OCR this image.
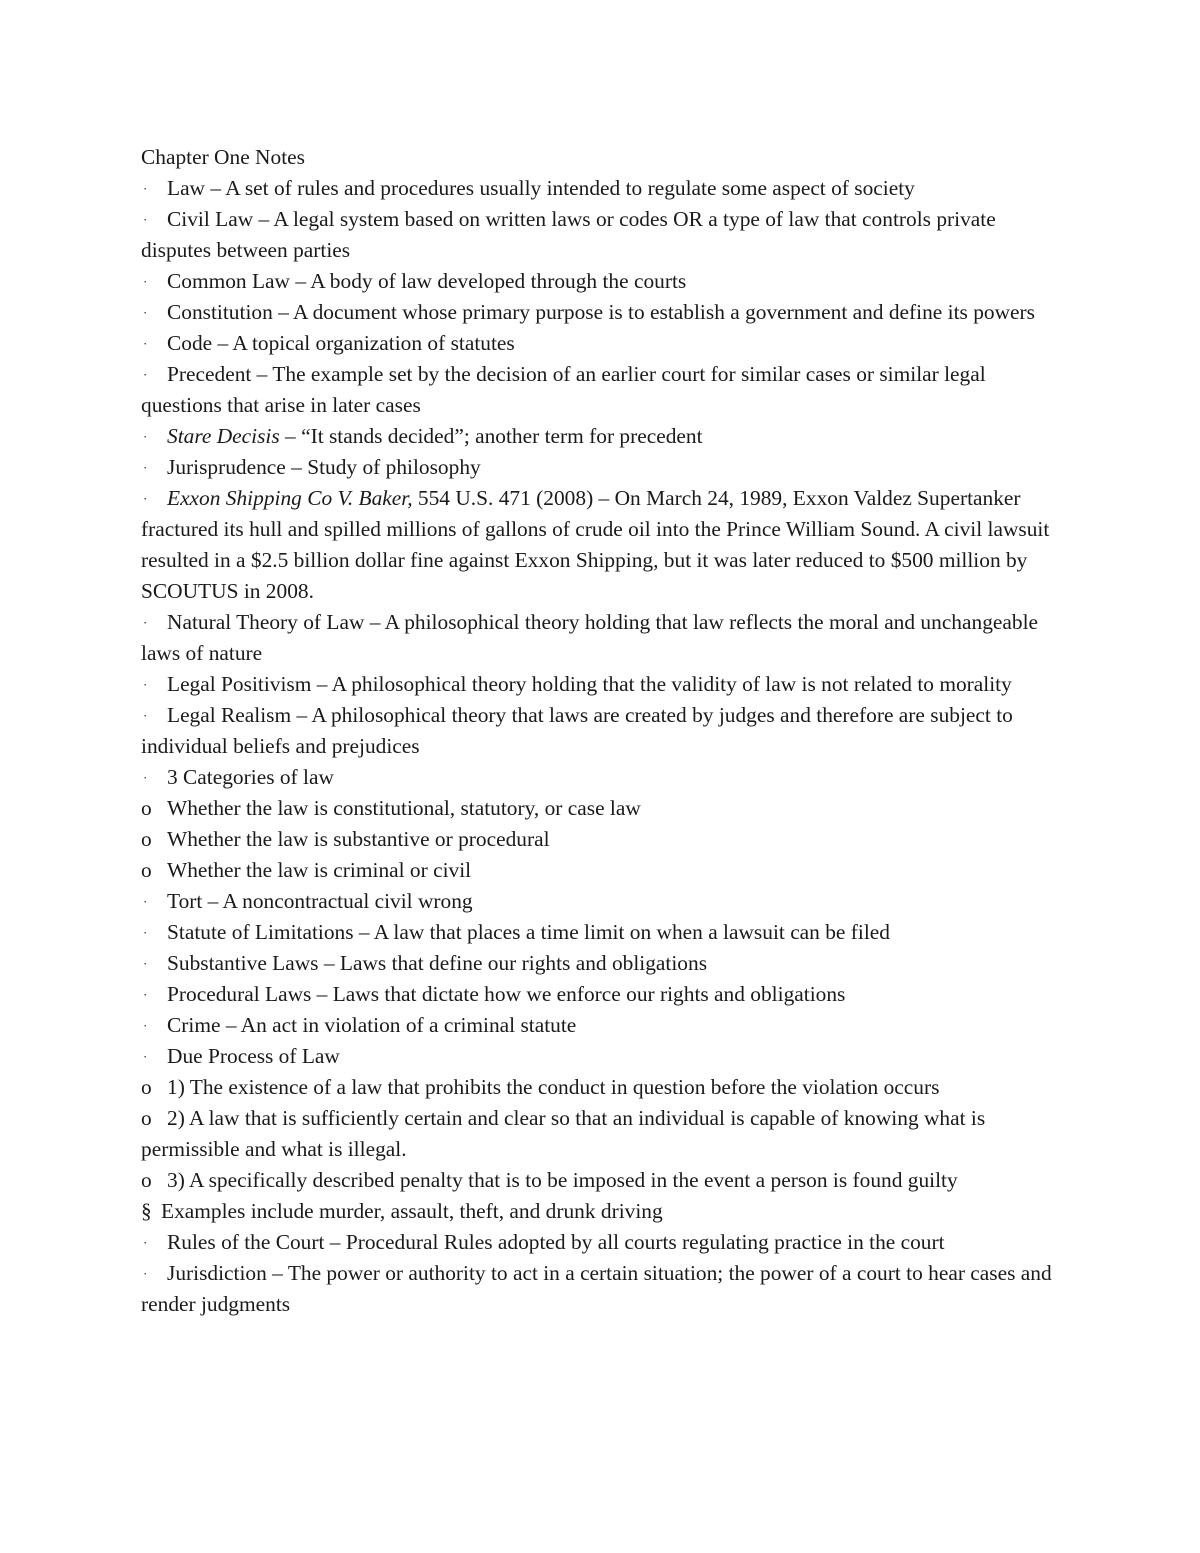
Chapter One Notes

· Law – A set of rules and procedures usually intended to regulate some aspect of society

· Civil Law – A legal system based on written laws or codes OR a type of law that controls private disputes between parties

· Common Law – A body of law developed through the courts

· Constitution – A document whose primary purpose is to establish a government and define its powers

· Code – A topical organization of statutes

· Precedent – The example set by the decision of an earlier court for similar cases or similar legal questions that arise in later cases

· Stare Decisis – “It stands decided”; another term for precedent

· Jurisprudence – Study of philosophy

· Exxon Shipping Co V. Baker, 554 U.S. 471 (2008) – On March 24, 1989, Exxon Valdez Supertanker fractured its hull and spilled millions of gallons of crude oil into the Prince William Sound. A civil lawsuit resulted in a $2.5 billion dollar fine against Exxon Shipping, but it was later reduced to $500 million by SCOUTUS in 2008.

· Natural Theory of Law – A philosophical theory holding that law reflects the moral and unchangeable laws of nature

· Legal Positivism – A philosophical theory holding that the validity of law is not related to morality

· Legal Realism – A philosophical theory that laws are created by judges and therefore are subject to individual beliefs and prejudices

· 3 Categories of law

o Whether the law is constitutional, statutory, or case law

o Whether the law is substantive or procedural

o Whether the law is criminal or civil

· Tort – A noncontractual civil wrong

· Statute of Limitations – A law that places a time limit on when a lawsuit can be filed

· Substantive Laws – Laws that define our rights and obligations

· Procedural Laws – Laws that dictate how we enforce our rights and obligations

· Crime – An act in violation of a criminal statute

· Due Process of Law

o 1) The existence of a law that prohibits the conduct in question before the violation occurs

o 2) A law that is sufficiently certain and clear so that an individual is capable of knowing what is permissible and what is illegal.

o 3) A specifically described penalty that is to be imposed in the event a person is found guilty

§ Examples include murder, assault, theft, and drunk driving

· Rules of the Court – Procedural Rules adopted by all courts regulating practice in the court

· Jurisdiction – The power or authority to act in a certain situation; the power of a court to hear cases and render judgments
